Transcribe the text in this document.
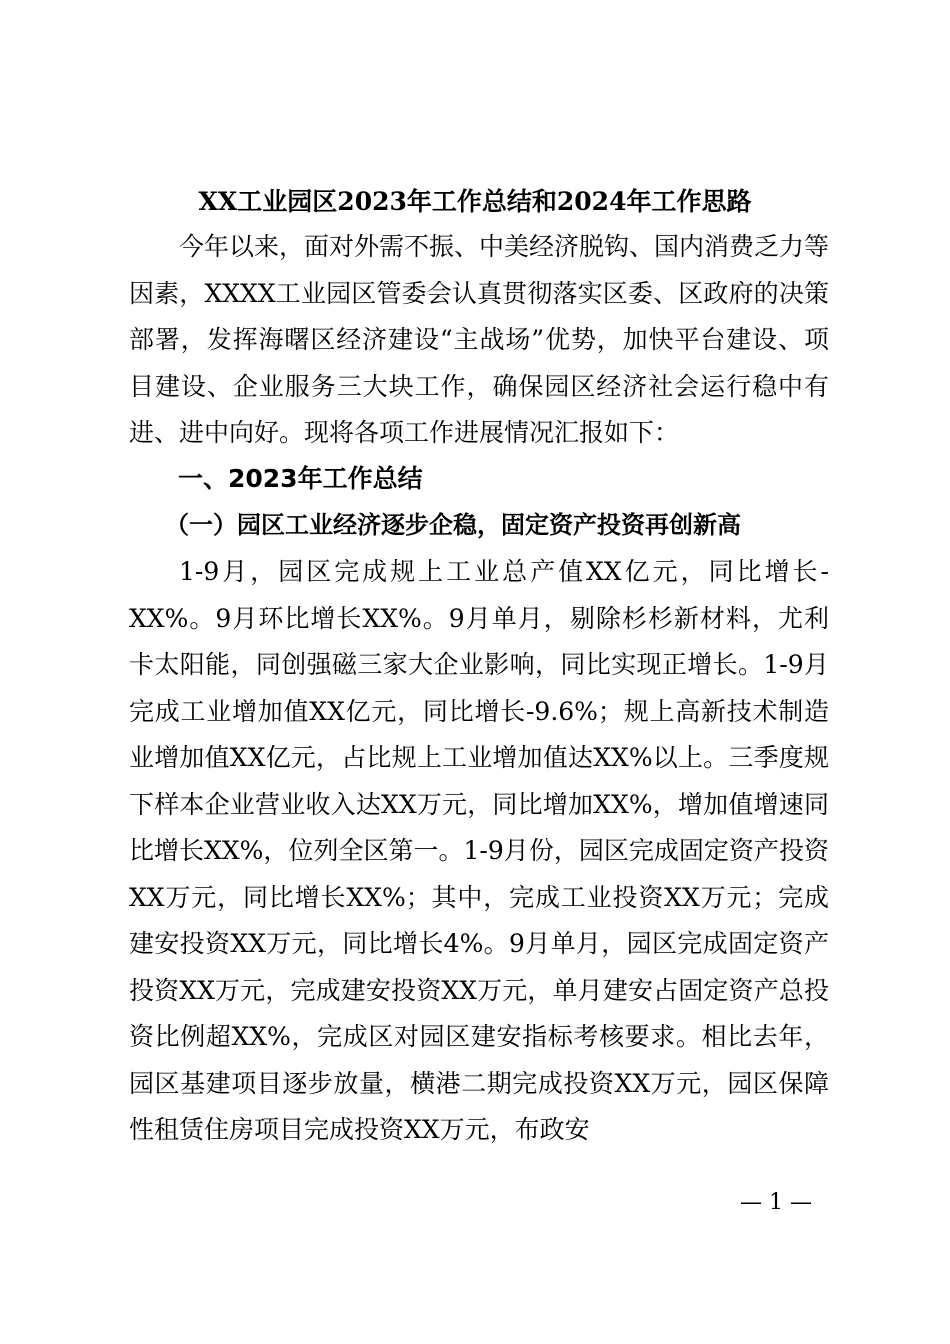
XX工业园区2023年工作总结和2024年工作思路
今年以来，面对外需不振、中美经济脱钩、国内消费乏力等因素，XXXX工业园区管委会认真贯彻落实区委、区政府的决策部署，发挥海曙区经济建设“主战场”优势，加快平台建设、项目建设、企业服务三大块工作，确保园区经济社会运行稳中有进、进中向好。现将各项工作进展情况汇报如下：
一、2023年工作总结
（一）园区工业经济逐步企稳，固定资产投资再创新高
1-9月，园区完成规上工业总产值XX亿元，同比增长-XX%。9月环比增长XX%。9月单月，剔除杉杉新材料，尤利卡太阳能，同创强磁三家大企业影响，同比实现正增长。1-9月完成工业增加值XX亿元，同比增长-9.6%；规上高新技术制造业增加值XX亿元，占比规上工业增加值达XX%以上。三季度规下样本企业营业收入达XX万元，同比增加XX%，增加值增速同比增长XX%，位列全区第一。1-9月份，园区完成固定资产投资XX万元，同比增长XX%；其中，完成工业投资XX万元；完成建安投资XX万元，同比增长4%。9月单月，园区完成固定资产投资XX万元，完成建安投资XX万元，单月建安占固定资产总投资比例超XX%，完成区对园区建安指标考核要求。相比去年，园区基建项目逐步放量，横港二期完成投资XX万元，园区保障性租赁住房项目完成投资XX万元，布政安
— 1 —
